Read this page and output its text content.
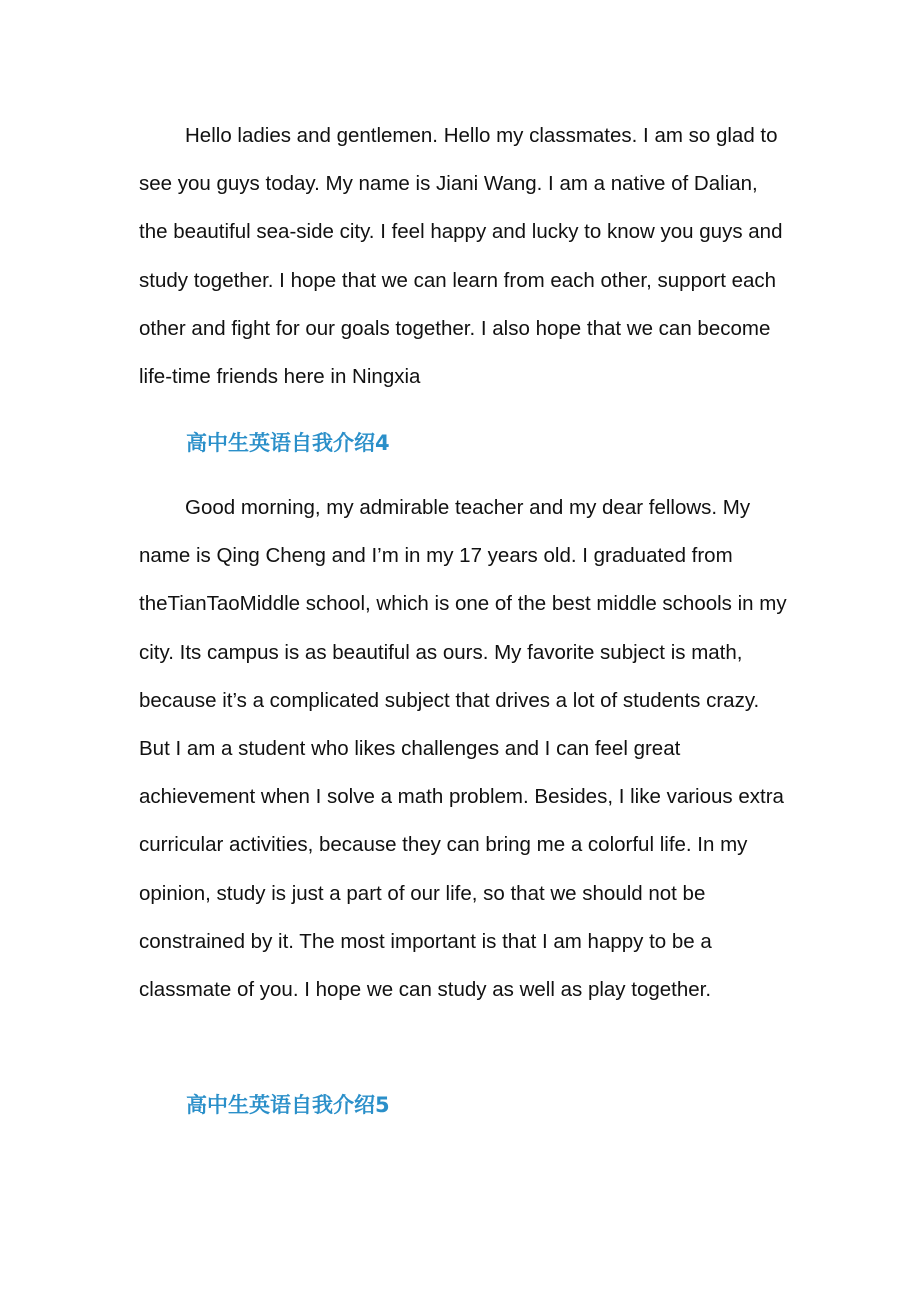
Hello ladies and gentlemen. Hello my classmates. I am so glad to see you guys today. My name is Jiani Wang. I am a native of Dalian, the beautiful sea-side city. I feel happy and lucky to know you guys and study together. I hope that we can learn from each other, support each other and fight for our goals together. I also hope that we can become life-time friends here in Ningxia

高中生英语自我介绍4

Good morning, my admirable teacher and my dear fellows. My name is Qing Cheng and I’m in my 17 years old. I graduated from theTianTaoMiddle school, which is one of the best middle schools in my city. Its campus is as beautiful as ours. My favorite subject is math, because it’s a complicated subject that drives a lot of students crazy. But I am a student who likes challenges and I can feel great achievement when I solve a math problem. Besides, I like various extra curricular activities, because they can bring me a colorful life. In my opinion, study is just a part of our life, so that we should not be constrained by it. The most important is that I am happy to be a classmate of you. I hope we can study as well as play together.

高中生英语自我介绍5
